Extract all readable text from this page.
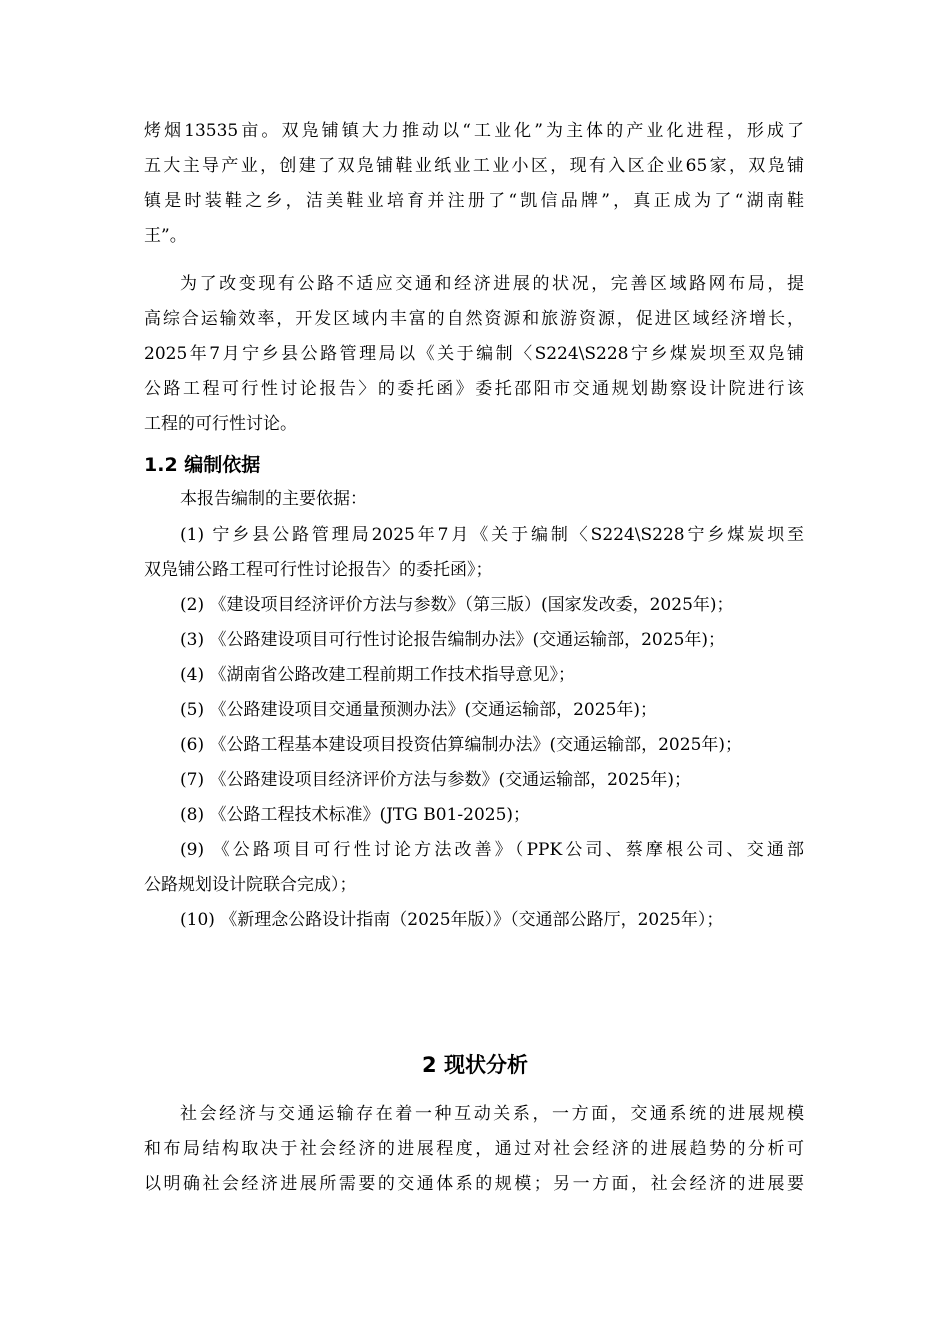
烤烟13535亩。双凫铺镇大力推动以“工业化”为主体的产业化进程，形成了
五大主导产业，创建了双凫铺鞋业纸业工业小区，现有入区企业65家，双凫铺
镇是时装鞋之乡，洁美鞋业培育并注册了“凯信品牌”，真正成为了“湖南鞋
王”。
为了改变现有公路不适应交通和经济进展的状况，完善区域路网布局，提
高综合运输效率，开发区域内丰富的自然资源和旅游资源，促进区域经济增长，
2025年7月宁乡县公路管理局以《关于编制〈S224\S228宁乡煤炭坝至双凫铺
公路工程可行性讨论报告〉的委托函》委托邵阳市交通规划勘察设计院进行该
工程的可行性讨论。
1.2 编制依据
本报告编制的主要依据：
(1) 宁乡县公路管理局2025年7月《关于编制〈S224\S228宁乡煤炭坝至
双凫铺公路工程可行性讨论报告〉的委托函》；
(2) 《建设项目经济评价方法与参数》（第三版）(国家发改委，2025年)；
(3) 《公路建设项目可行性讨论报告编制办法》(交通运输部，2025年)；
(4) 《湖南省公路改建工程前期工作技术指导意见》；
(5) 《公路建设项目交通量预测办法》(交通运输部，2025年)；
(6) 《公路工程基本建设项目投资估算编制办法》(交通运输部，2025年)；
(7) 《公路建设项目经济评价方法与参数》(交通运输部，2025年)；
(8) 《公路工程技术标准》(JTG B01-2025)；
(9) 《公路项目可行性讨论方法改善》（PPK公司、蔡摩根公司、交通部
公路规划设计院联合完成）；
(10) 《新理念公路设计指南（2025年版）》（交通部公路厅，2025年）；
2 现状分析
社会经济与交通运输存在着一种互动关系，一方面，交通系统的进展规模
和布局结构取决于社会经济的进展程度，通过对社会经济的进展趋势的分析可
以明确社会经济进展所需要的交通体系的规模；另一方面，社会经济的进展要
